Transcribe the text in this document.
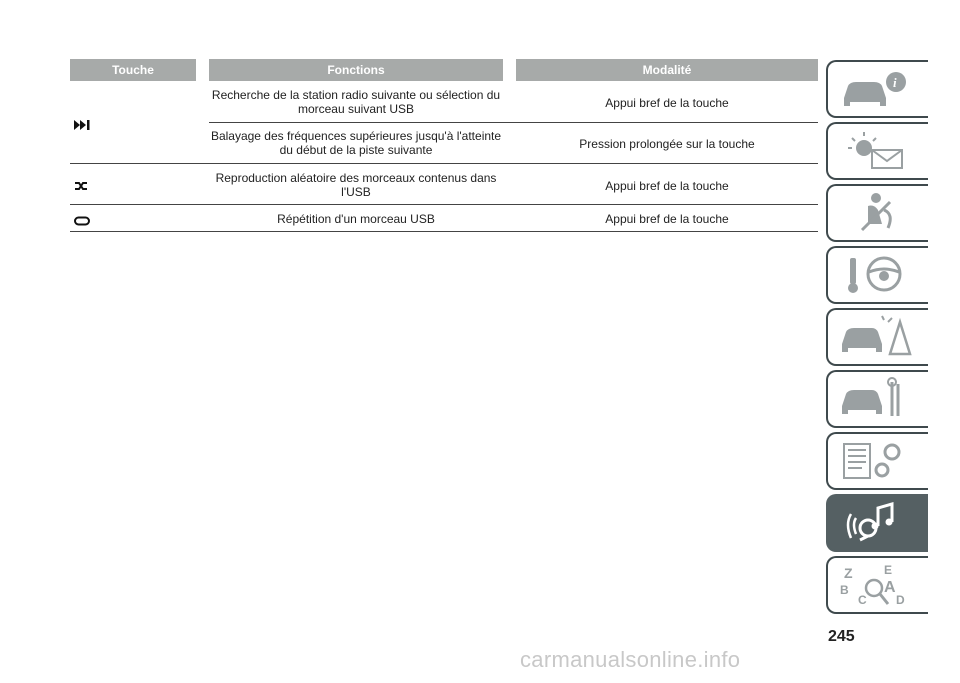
Touche	Fonctions	Modalité
Recherche de la station radio suivante ou sélection du morceau suivant USB	Appui bref de la touche
Balayage des fréquences supérieures jusqu'à l'atteinte du début de la piste suivante	Pression prolongée sur la touche
Reproduction aléatoire des morceaux contenus dans l'USB	Appui bref de la touche
Répétition d'un morceau USB	Appui bref de la touche
i
Z	E
B A
C D
245
carmanualsonline.info
